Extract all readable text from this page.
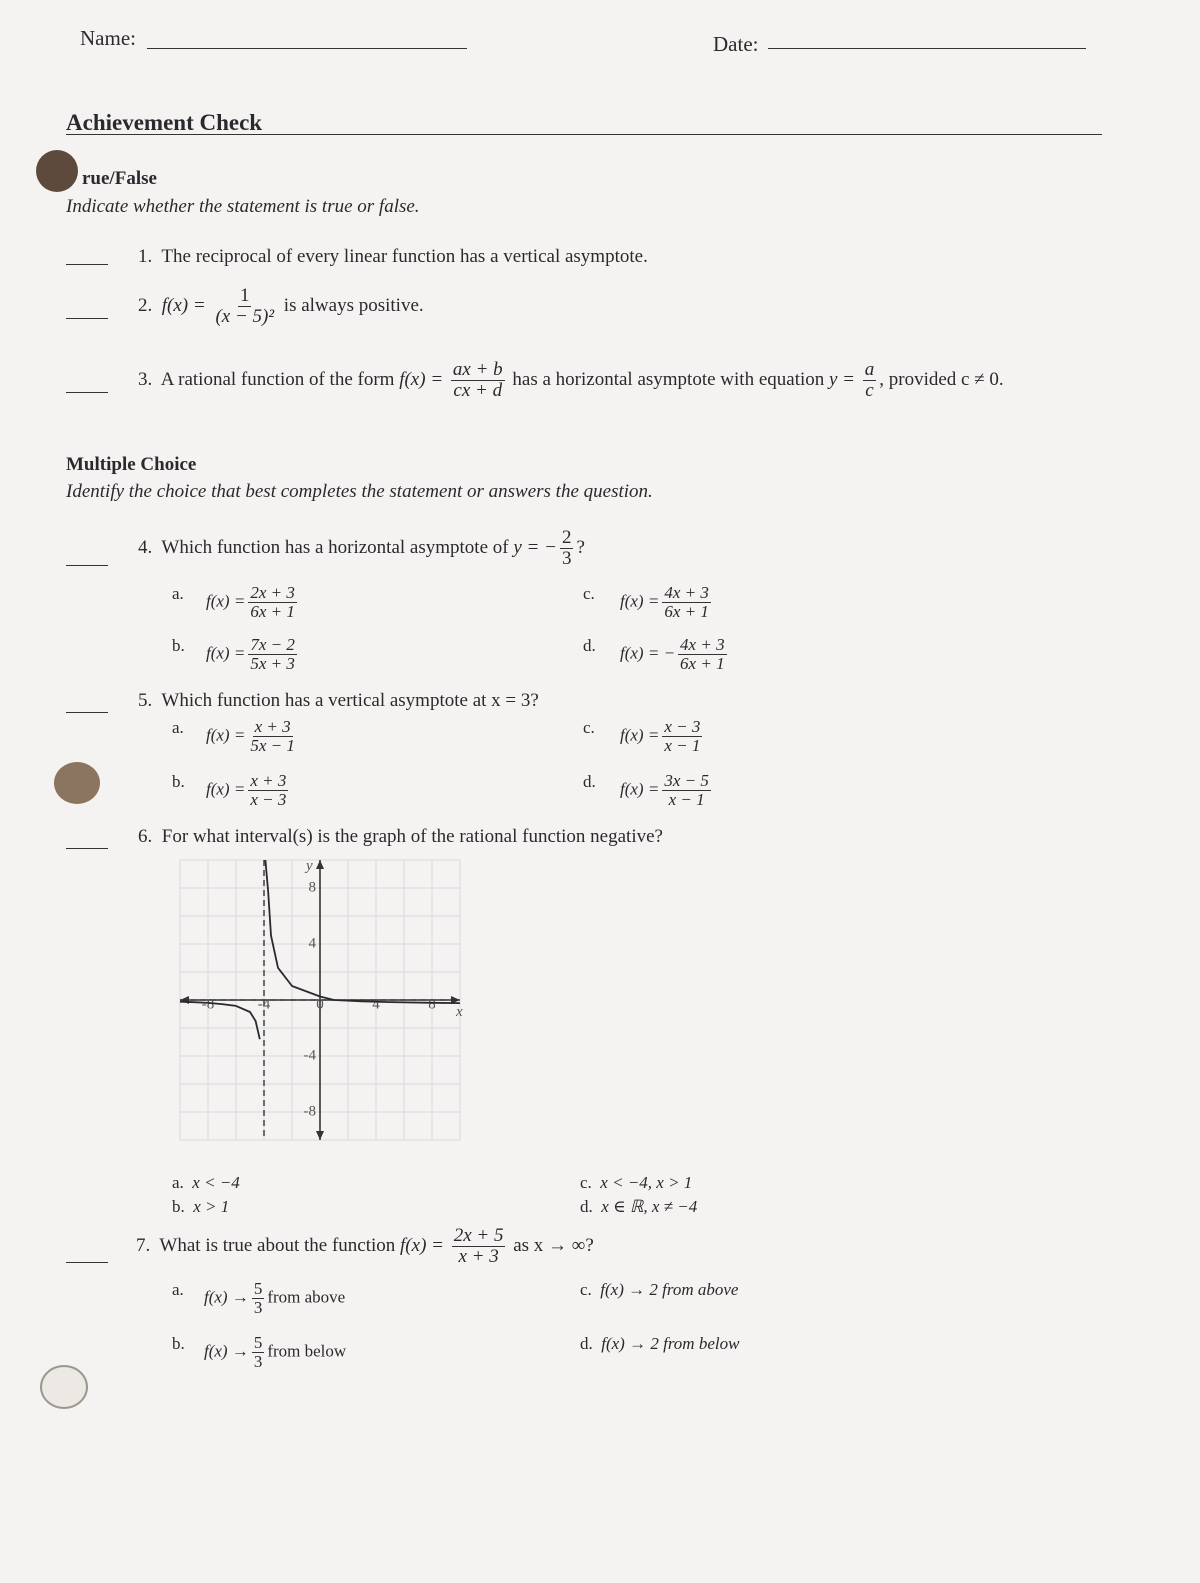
Name:	Date:
Achievement Check
rue/False
Indicate whether the statement is true or false.
1. The reciprocal of every linear function has a vertical asymptote.
2. $f(x) = \frac{1}{\text{(x − 5)²}}$ is always positive.
3. A rational function of the form $f(x) = \frac{ax + b}{cx + d}$ has a horizontal asymptote with equation $y = \frac{a}{c}$ , provided c ≠ 0.
Multiple Choice
Identify the choice that best completes the statement or answers the question.
4. Which function has a horizontal asymptote of y = − $\frac{2}{3}$ ?
a. $f(x) = \frac{2x + 3}{6x + 1}$
b. $f(x) = \frac{7x - 2}{5x + 3}$
c. $f(x) = \frac{4x + 3}{6x + 1}$
d. f(x) = − $\frac{4x + 3}{6x + 1}$
5. Which function has a vertical asymptote at x = 3?
a. $f(x) = \frac{x + 3}{5x - 1}$
b. $f(x) = \frac{x + 3}{x - 3}$
c. $f(x) = \frac{x - 3}{x - 1}$
d. $f(x) = \frac{3x - 5}{x - 1}$
6. For what interval(s) is the graph of the rational function negative?
x
y
-8	-4	0	4	8
8
4
-4
-8
a. x < −4
b. x > 1
c. x < −4, x > 1
d. x ∈ ℝ, x ≠ −4
7. What is true about the function $f(x) = \frac{2x + 5}{x + 3}$ as x → ∞?
a. $f(x) \to \frac{5}{3}$ from above
b. $f(x) \to \frac{5}{3}$ from below
c. f(x) → 2 from above
d. f(x) → 2 from below
